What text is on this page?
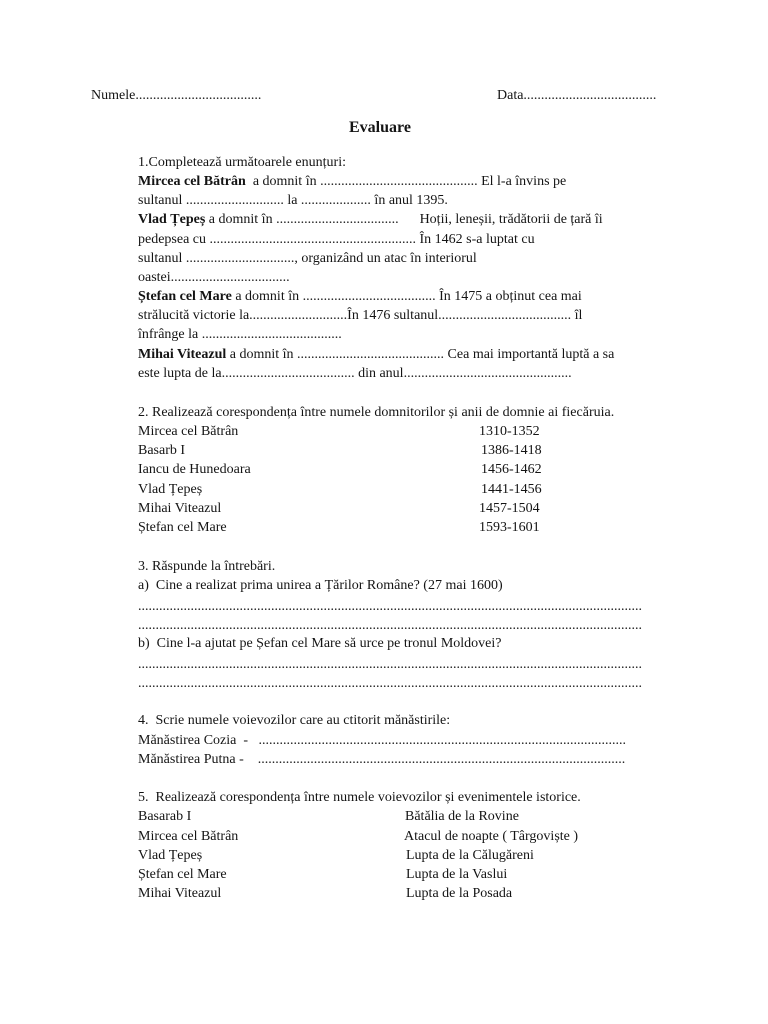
Numele....................................	Data......................................
Evaluare
1.Completează următoarele enunțuri:
Mircea cel Bătrân  a domnit în ............................................. El l-a învins pe
sultanul ............................ la .................... în anul 1395.
Vlad Țepeș a domnit în ...................................      Hoții, leneșii, trădătorii de țară îi
pedepsea cu ........................................................... În 1462 s-a luptat cu
sultanul ..............................., organizând un atac în interiorul
oastei..................................
Ștefan cel Mare a domnit în ...................................... În 1475 a obținut cea mai
strălucită victorie la............................În 1476 sultanul...................................... îl
înfrânge la ........................................
Mihai Viteazul a domnit în .......................................... Cea mai importantă luptă a sa
este lupta de la...................................... din anul................................................
2. Realizează corespondența între numele domnitorilor și anii de domnie ai fiecăruia.
Mircea cel Bătrân	1310-1352
Basarb I	1386-1418
Iancu de Hunedoara	1456-1462
Vlad Țepeș	1441-1456
Mihai Viteazul	1457-1504
Ștefan cel Mare	1593-1601
3. Răspunde la întrebări.
a)  Cine a realizat prima unirea a Țărilor Române? (27 mai 1600)
................................................................................................................................................
................................................................................................................................................
b)  Cine l-a ajutat pe Șefan cel Mare să urce pe tronul Moldovei?
................................................................................................................................................
................................................................................................................................................
4.  Scrie numele voievozilor care au ctitorit mănăstirile:
Mănăstirea Cozia  -   .........................................................................................................
Mănăstirea Putna -    .........................................................................................................
5.  Realizează corespondența între numele voievozilor și evenimentele istorice.
Basarab I	Bătălia de la Rovine
Mircea cel Bătrân	Atacul de noapte ( Târgoviște )
Vlad Țepeș	Lupta de la Călugăreni
Ștefan cel Mare	Lupta de la Vaslui
Mihai Viteazul	Lupta de la Posada
